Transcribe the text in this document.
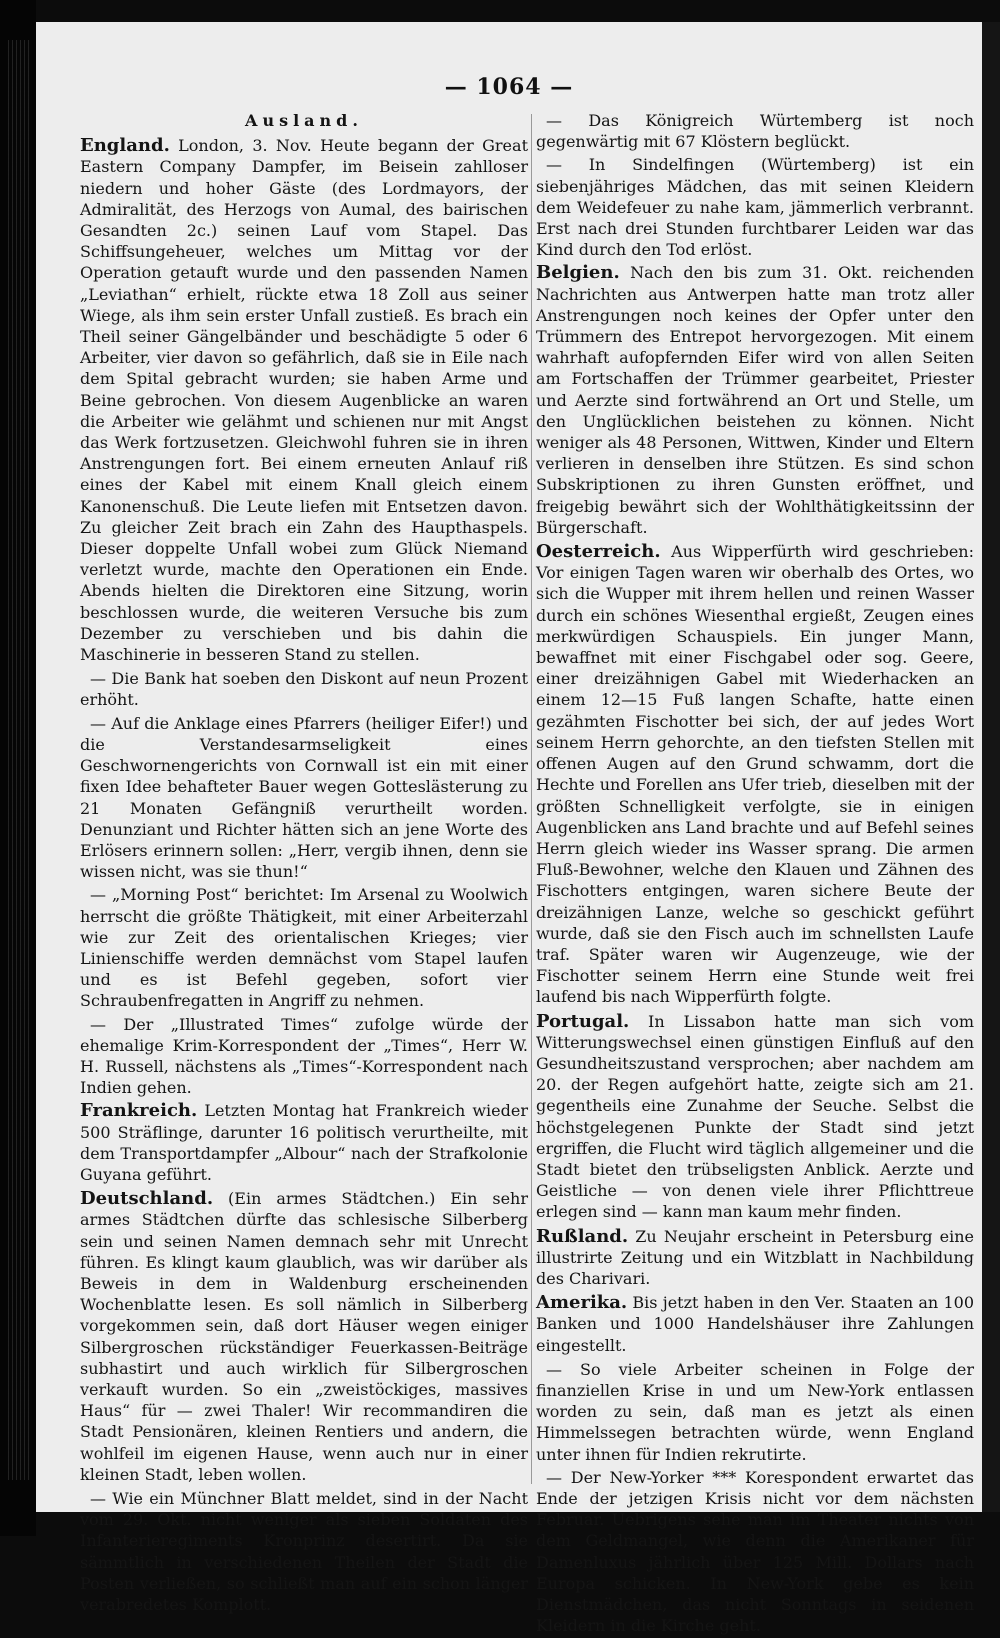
— 1064 —
Ausland.

England. London, 3. Nov. Heute begann der Great Eastern Company Dampfer, im Beisein zahlloser niedern und hoher Gäste (des Lordmayors, der Admiralität, des Herzogs von Aumal, des bairischen Gesandten 2c.) seinen Lauf vom Stapel. Das Schiffsungeheuer, welches um Mittag vor der Operation getauft wurde und den passenden Namen „Leviathan“ erhielt, rückte etwa 18 Zoll aus seiner Wiege, als ihm sein erster Unfall zustieß. Es brach ein Theil seiner Gängelbänder und beschädigte 5 oder 6 Arbeiter, vier davon so gefährlich, daß sie in Eile nach dem Spital gebracht wurden; sie haben Arme und Beine gebrochen. Von diesem Augenblicke an waren die Arbeiter wie gelähmt und schienen nur mit Angst das Werk fortzusetzen. Gleichwohl fuhren sie in ihren Anstrengungen fort. Bei einem erneuten Anlauf riß eines der Kabel mit einem Knall gleich einem Kanonenschuß. Die Leute liefen mit Entsetzen davon. Zu gleicher Zeit brach ein Zahn des Haupthaspels. Dieser doppelte Unfall wobei zum Glück Niemand verletzt wurde, machte den Operationen ein Ende. Abends hielten die Direktoren eine Sitzung, worin beschlossen wurde, die weiteren Versuche bis zum Dezember zu verschieben und bis dahin die Maschinerie in besseren Stand zu stellen.

— Die Bank hat soeben den Diskont auf neun Prozent erhöht.

— Auf die Anklage eines Pfarrers (heiliger Eifer!) und die Verstandesarmseligkeit eines Geschwornengerichts von Cornwall ist ein mit einer fixen Idee behafteter Bauer wegen Gotteslästerung zu 21 Monaten Gefängniß verurtheilt worden. Denunziant und Richter hätten sich an jene Worte des Erlösers erinnern sollen: „Herr, vergib ihnen, denn sie wissen nicht, was sie thun!“

— „Morning Post“ berichtet: Im Arsenal zu Woolwich herrscht die größte Thätigkeit, mit einer Arbeiterzahl wie zur Zeit des orientalischen Krieges; vier Linienschiffe werden demnächst vom Stapel laufen und es ist Befehl gegeben, sofort vier Schraubenfregatten in Angriff zu nehmen.

— Der „Illustrated Times“ zufolge würde der ehemalige Krim-Korrespondent der „Times“, Herr W. H. Russell, nächstens als „Times“-Korrespondent nach Indien gehen.

Frankreich. Letzten Montag hat Frankreich wieder 500 Sträflinge, darunter 16 politisch verurtheilte, mit dem Transportdampfer „Albour“ nach der Strafkolonie Guyana geführt.

Deutschland. (Ein armes Städtchen.) Ein sehr armes Städtchen dürfte das schlesische Silberberg sein und seinen Namen demnach sehr mit Unrecht führen. Es klingt kaum glaublich, was wir darüber als Beweis in dem in Waldenburg erscheinenden Wochenblatte lesen. Es soll nämlich in Silberberg vorgekommen sein, daß dort Häuser wegen einiger Silbergroschen rückständiger Feuerkassen-Beiträge subhastirt und auch wirklich für Silbergroschen verkauft wurden. So ein „zweistöckiges, massives Haus“ für — zwei Thaler! Wir recommandiren die Stadt Pensionären, kleinen Rentiers und andern, die wohlfeil im eigenen Hause, wenn auch nur in einer kleinen Stadt, leben wollen.

— Wie ein Münchner Blatt meldet, sind in der Nacht vom 29. Okt. nicht weniger als sieben Soldaten des Infanterieregiments Kronprinz desertirt. Da sie sämmtlich in verschiedenen Theilen der Stadt die Posten verließen, so schließt man auf ein schon länger verabredetes Komplott.

— Das Königreich Würtemberg ist noch gegenwärtig mit 67 Klöstern beglückt.

— In Sindelfingen (Würtemberg) ist ein siebenjähriges Mädchen, das mit seinen Kleidern dem Weidefeuer zu nahe kam, jämmerlich verbrannt. Erst nach drei Stunden furchtbarer Leiden war das Kind durch den Tod erlöst.

Belgien. Nach den bis zum 31. Okt. reichenden Nachrichten aus Antwerpen hatte man trotz aller Anstrengungen noch keines der Opfer unter den Trümmern des Entrepot hervorgezogen. Mit einem wahrhaft aufopfernden Eifer wird von allen Seiten am Fortschaffen der Trümmer gearbeitet, Priester und Aerzte sind fortwährend an Ort und Stelle, um den Unglücklichen beistehen zu können. Nicht weniger als 48 Personen, Wittwen, Kinder und Eltern verlieren in denselben ihre Stützen. Es sind schon Subskriptionen zu ihren Gunsten eröffnet, und freigebig bewährt sich der Wohlthätigkeitssinn der Bürgerschaft.

Oesterreich. Aus Wipperfürth wird geschrieben: Vor einigen Tagen waren wir oberhalb des Ortes, wo sich die Wupper mit ihrem hellen und reinen Wasser durch ein schönes Wiesenthal ergießt, Zeugen eines merkwürdigen Schauspiels. Ein junger Mann, bewaffnet mit einer Fischgabel oder sog. Geere, einer dreizähnigen Gabel mit Wiederhacken an einem 12—15 Fuß langen Schafte, hatte einen gezähmten Fischotter bei sich, der auf jedes Wort seinem Herrn gehorchte, an den tiefsten Stellen mit offenen Augen auf den Grund schwamm, dort die Hechte und Forellen ans Ufer trieb, dieselben mit der größten Schnelligkeit verfolgte, sie in einigen Augenblicken ans Land brachte und auf Befehl seines Herrn gleich wieder ins Wasser sprang. Die armen Fluß-Bewohner, welche den Klauen und Zähnen des Fischotters entgingen, waren sichere Beute der dreizähnigen Lanze, welche so geschickt geführt wurde, daß sie den Fisch auch im schnellsten Laufe traf. Später waren wir Augenzeuge, wie der Fischotter seinem Herrn eine Stunde weit frei laufend bis nach Wipperfürth folgte.

Portugal. In Lissabon hatte man sich vom Witterungswechsel einen günstigen Einfluß auf den Gesundheitszustand versprochen; aber nachdem am 20. der Regen aufgehört hatte, zeigte sich am 21. gegentheils eine Zunahme der Seuche. Selbst die höchstgelegenen Punkte der Stadt sind jetzt ergriffen, die Flucht wird täglich allgemeiner und die Stadt bietet den trübseligsten Anblick. Aerzte und Geistliche — von denen viele ihrer Pflichttreue erlegen sind — kann man kaum mehr finden.

Rußland. Zu Neujahr erscheint in Petersburg eine illustrirte Zeitung und ein Witzblatt in Nachbildung des Charivari.

Amerika. Bis jetzt haben in den Ver. Staaten an 100 Banken und 1000 Handelshäuser ihre Zahlungen eingestellt.

— So viele Arbeiter scheinen in Folge der finanziellen Krise in und um New-York entlassen worden zu sein, daß man es jetzt als einen Himmelssegen betrachten würde, wenn England unter ihnen für Indien rekrutirte.

— Der New-Yorker *** Korespondent erwartet das Ende der jetzigen Krisis nicht vor dem nächsten Februar. Uebrigens sehe man im Theater nichts von dem Geldmangel, wie denn die Amerikaner für Damenluxus jährlich über 125 Mill. Dollars nach Europa schicken. In New-York gebe es kein Dienstmädchen, das nicht Sonntags in seidenen Kleidern in die Kirche geht.
